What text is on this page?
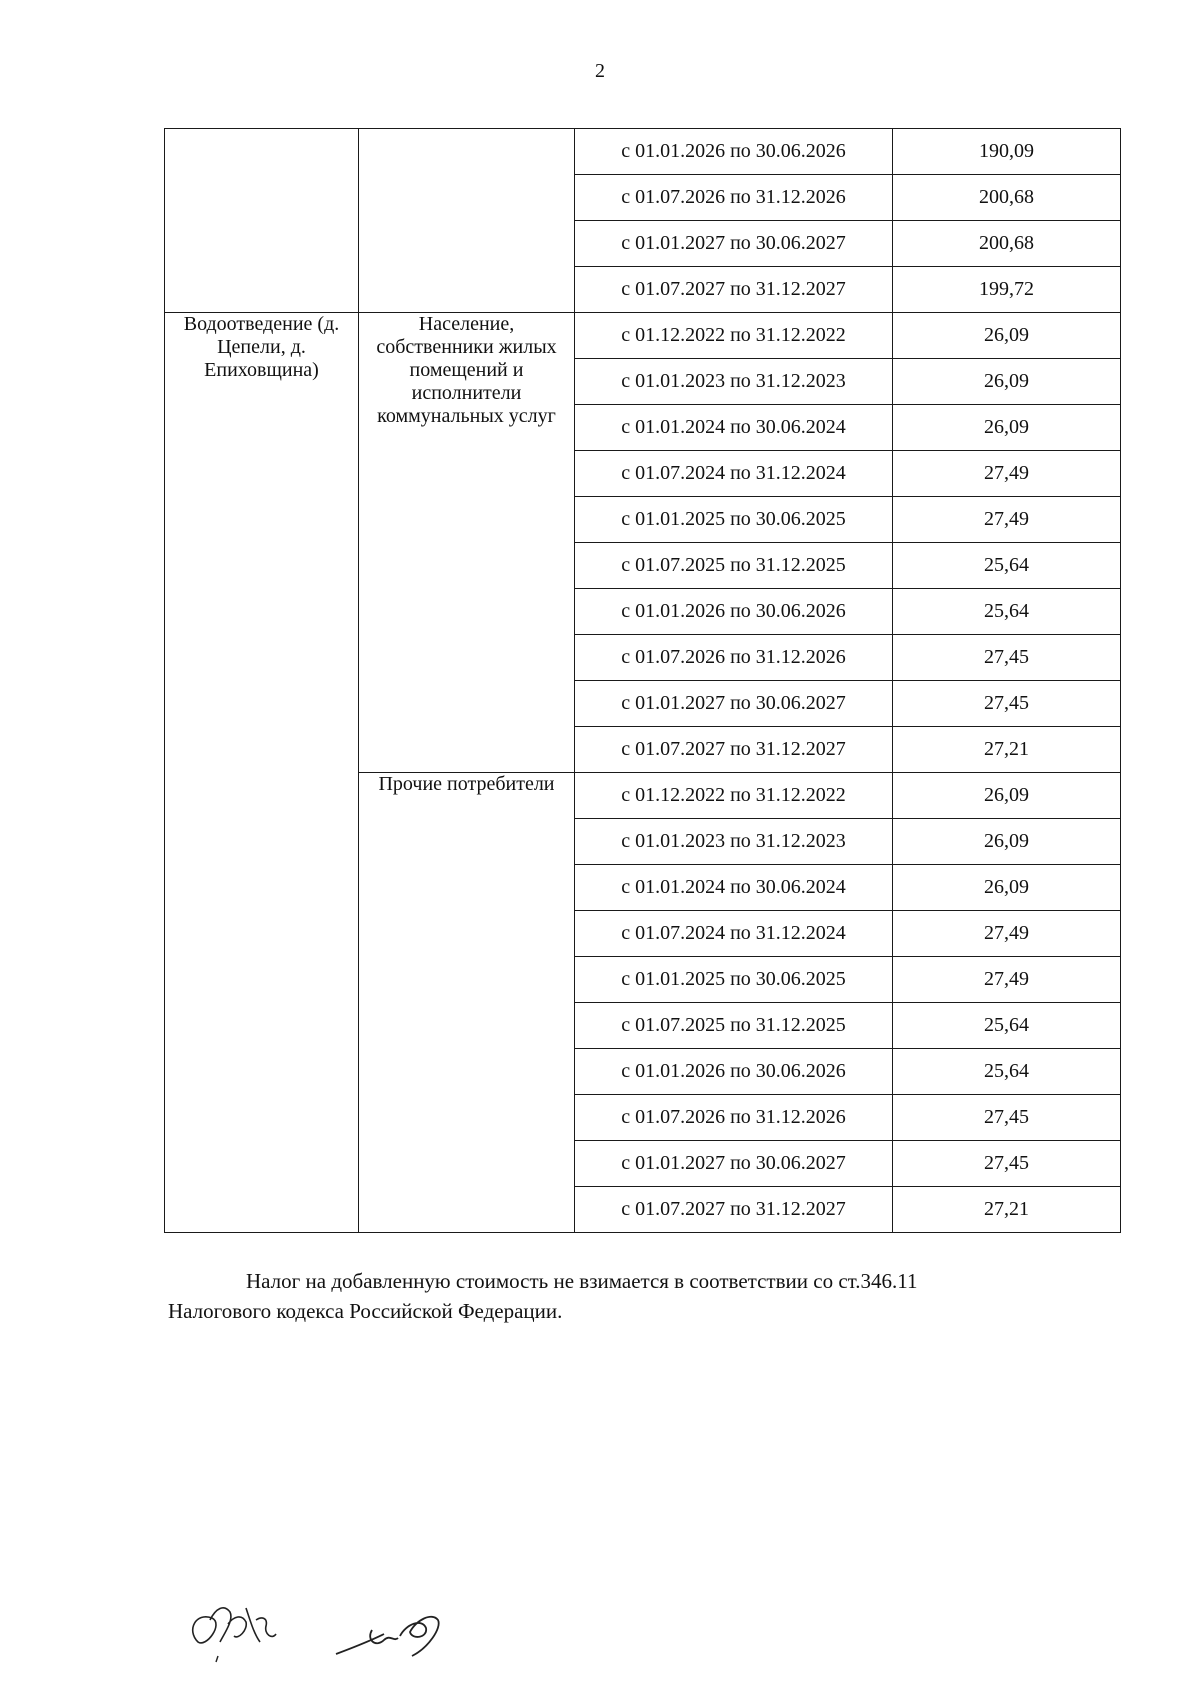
2
		с 01.01.2026 по 30.06.2026	190,09
		с 01.07.2026 по 31.12.2026	200,68
		с 01.01.2027 по 30.06.2027	200,68
		с 01.07.2027 по 31.12.2027	199,72
Водоотведение (д. Цепели, д. Епиховщина)	Население, собственники жилых помещений и исполнители коммунальных услуг	с 01.12.2022 по 31.12.2022	26,09
		с 01.01.2023 по 31.12.2023	26,09
		с 01.01.2024 по 30.06.2024	26,09
		с 01.07.2024 по 31.12.2024	27,49
		с 01.01.2025 по 30.06.2025	27,49
		с 01.07.2025 по 31.12.2025	25,64
		с 01.01.2026 по 30.06.2026	25,64
		с 01.07.2026 по 31.12.2026	27,45
		с 01.01.2027 по 30.06.2027	27,45
		с 01.07.2027 по 31.12.2027	27,21
	Прочие потребители	с 01.12.2022 по 31.12.2022	26,09
		с 01.01.2023 по 31.12.2023	26,09
		с 01.01.2024 по 30.06.2024	26,09
		с 01.07.2024 по 31.12.2024	27,49
		с 01.01.2025 по 30.06.2025	27,49
		с 01.07.2025 по 31.12.2025	25,64
		с 01.01.2026 по 30.06.2026	25,64
		с 01.07.2026 по 31.12.2026	27,45
		с 01.01.2027 по 30.06.2027	27,45
		с 01.07.2027 по 31.12.2027	27,21

Налог на добавленную стоимость не взимается в соответствии со ст.346.11

Налогового кодекса Российской Федерации.
